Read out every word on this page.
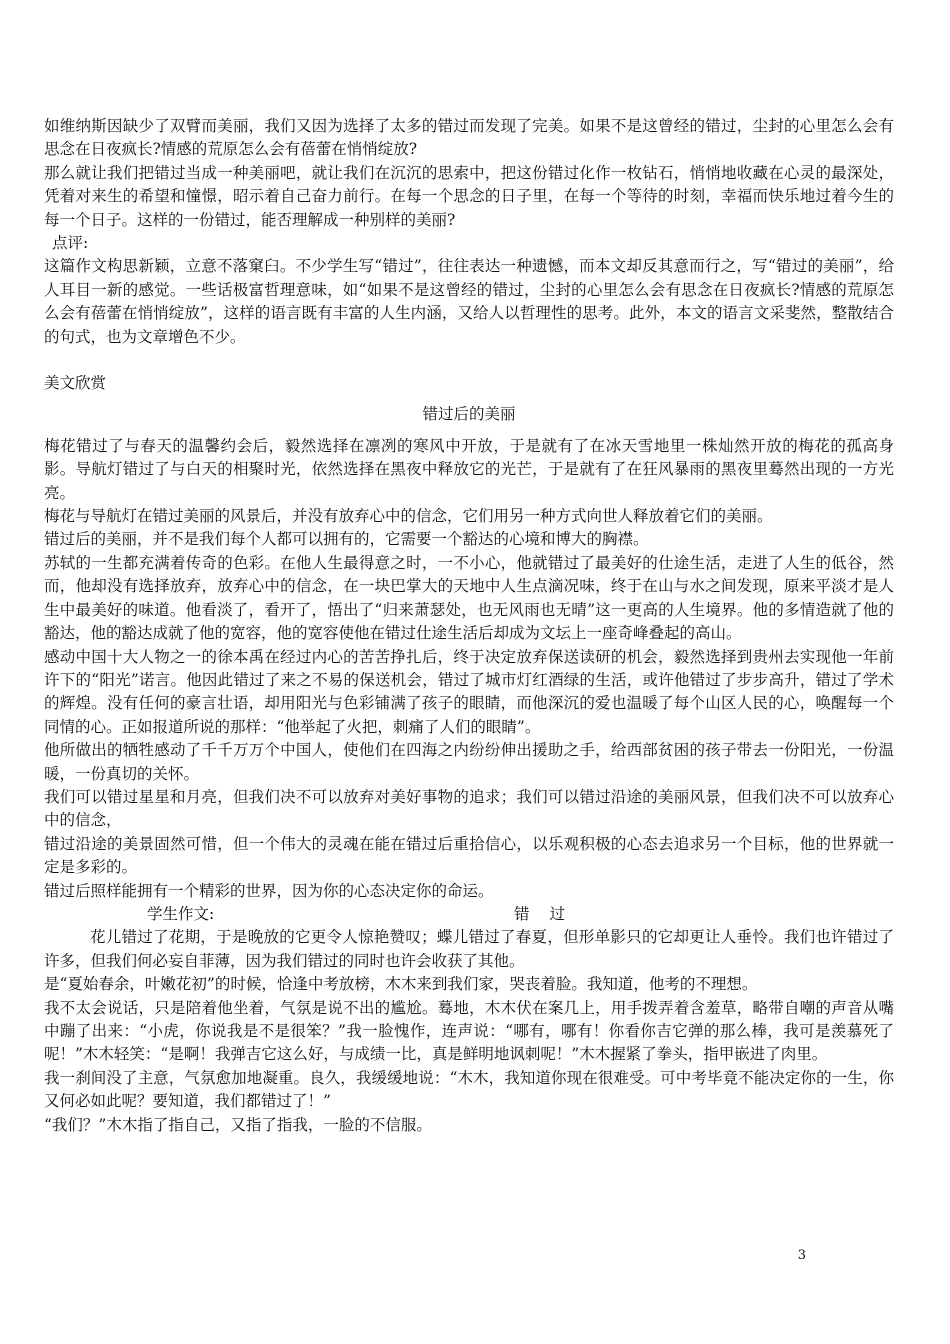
如维纳斯因缺少了双臂而美丽，我们又因为选择了太多的错过而发现了完美。如果不是这曾经的错过，尘封的心里怎么会有思念在日夜疯长?情感的荒原怎么会有蓓蕾在悄悄绽放?

那么就让我们把错过当成一种美丽吧，就让我们在沉沉的思索中，把这份错过化作一枚钻石，悄悄地收藏在心灵的最深处，凭着对来生的希望和憧憬，昭示着自己奋力前行。在每一个思念的日子里，在每一个等待的时刻，幸福而快乐地过着今生的每一个日子。这样的一份错过，能否理解成一种别样的美丽?

点评:

这篇作文构思新颖，立意不落窠臼。不少学生写“错过”，往往表达一种遗憾，而本文却反其意而行之，写“错过的美丽”，给人耳目一新的感觉。一些话极富哲理意味，如“如果不是这曾经的错过，尘封的心里怎么会有思念在日夜疯长?情感的荒原怎么会有蓓蕾在悄悄绽放”，这样的语言既有丰富的人生内涵，又给人以哲理性的思考。此外，本文的语言文采斐然，整散结合的句式，也为文章增色不少。

美文欣赏

错过后的美丽

梅花错过了与春天的温馨约会后，毅然选择在凛冽的寒风中开放，于是就有了在冰天雪地里一株灿然开放的梅花的孤高身影。导航灯错过了与白天的相聚时光，依然选择在黑夜中释放它的光芒，于是就有了在狂风暴雨的黑夜里蓦然出现的一方光亮。

梅花与导航灯在错过美丽的风景后，并没有放弃心中的信念，它们用另一种方式向世人释放着它们的美丽。

错过后的美丽，并不是我们每个人都可以拥有的，它需要一个豁达的心境和博大的胸襟。

苏轼的一生都充满着传奇的色彩。在他人生最得意之时，一不小心，他就错过了最美好的仕途生活，走进了人生的低谷，然而，他却没有选择放弃，放弃心中的信念，在一块巴掌大的天地中人生点滴况味，终于在山与水之间发现，原来平淡才是人生中最美好的味道。他看淡了，看开了，悟出了“归来萧瑟处，也无风雨也无晴”这一更高的人生境界。他的多情造就了他的豁达，他的豁达成就了他的宽容，他的宽容使他在错过仕途生活后却成为文坛上一座奇峰叠起的高山。

感动中国十大人物之一的徐本禹在经过内心的苦苦挣扎后，终于决定放弃保送读研的机会，毅然选择到贵州去实现他一年前许下的“阳光”诺言。他因此错过了来之不易的保送机会，错过了城市灯红酒绿的生活，或许他错过了步步高升，错过了学术的辉煌。没有任何的豪言壮语，却用阳光与色彩铺满了孩子的眼睛，而他深沉的爱也温暖了每个山区人民的心，唤醒每一个同情的心。正如报道所说的那样：“他举起了火把，刺痛了人们的眼睛”。

他所做出的牺牲感动了千千万万个中国人，使他们在四海之内纷纷伸出援助之手，给西部贫困的孩子带去一份阳光，一份温暖，一份真切的关怀。

我们可以错过星星和月亮，但我们决不可以放弃对美好事物的追求；我们可以错过沿途的美丽风景，但我们决不可以放弃心中的信念，

错过沿途的美景固然可惜，但一个伟大的灵魂在能在错过后重拾信心，以乐观积极的心态去追求另一个目标，他的世界就一定是多彩的。

错过后照样能拥有一个精彩的世界，因为你的心态决定你的命运。

学生作文:	错过

花儿错过了花期，于是晚放的它更令人惊艳赞叹；蝶儿错过了春夏，但形单影只的它却更让人垂怜。我们也许错过了许多，但我们何必妄自菲薄，因为我们错过的同时也许会收获了其他。

是“夏始春余，叶嫩花初”的时候，恰逢中考放榜，木木来到我们家，哭丧着脸。我知道，他考的不理想。

我不太会说话，只是陪着他坐着，气氛是说不出的尴尬。蓦地，木木伏在案几上，用手拨弄着含羞草，略带自嘲的声音从嘴中蹦了出来：“小虎，你说我是不是很笨？”我一脸愧作，连声说：“哪有，哪有！你看你吉它弹的那么棒，我可是羡慕死了呢！”木木轻笑：“是啊！我弹吉它这么好，与成绩一比，真是鲜明地讽刺呢！”木木握紧了拳头，指甲嵌进了肉里。

我一刹间没了主意，气氛愈加地凝重。良久，我缓缓地说：“木木，我知道你现在很难受。可中考毕竟不能决定你的一生，你又何必如此呢？要知道，我们都错过了！”

“我们？”木木指了指自己，又指了指我，一脸的不信服。

3
